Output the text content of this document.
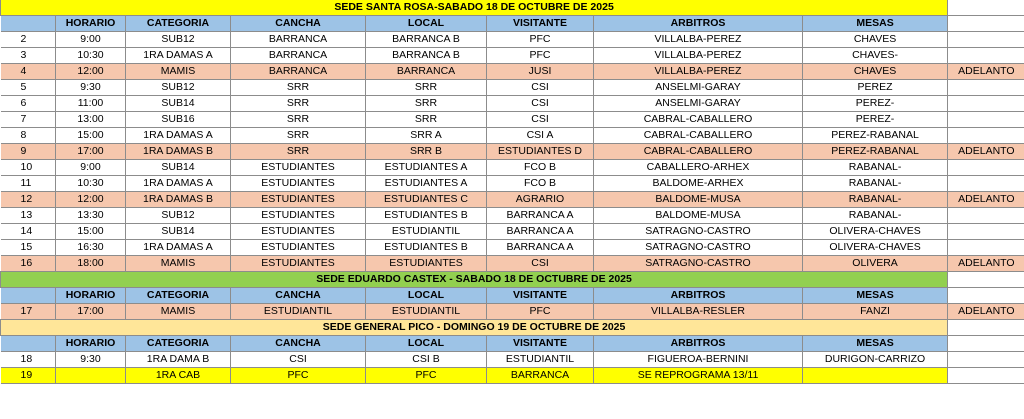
SEDE SANTA ROSA-SABADO 18 DE OCTUBRE DE 2025								
	HORARIO	CATEGORIA	CANCHA	LOCAL	VISITANTE	ARBITROS	MESAS	
2	9:00	SUB12	BARRANCA	BARRANCA B	PFC	VILLALBA-PEREZ	CHAVES	
3	10:30	1RA DAMAS A	BARRANCA	BARRANCA B	PFC	VILLALBA-PEREZ	CHAVES-	
4	12:00	MAMIS	BARRANCA	BARRANCA	JUSI	VILLALBA-PEREZ	CHAVES	ADELANTO
5	9:30	SUB12	SRR	SRR	CSI	ANSELMI-GARAY	PEREZ	
6	11:00	SUB14	SRR	SRR	CSI	ANSELMI-GARAY	PEREZ-	
7	13:00	SUB16	SRR	SRR	CSI	CABRAL-CABALLERO	PEREZ-	
8	15:00	1RA DAMAS A	SRR	SRR A	CSI A	CABRAL-CABALLERO	PEREZ-RABANAL	
9	17:00	1RA DAMAS B	SRR	SRR B	ESTUDIANTES D	CABRAL-CABALLERO	PEREZ-RABANAL	ADELANTO
10	9:00	SUB14	ESTUDIANTES	ESTUDIANTES A	FCO B	CABALLERO-ARHEX	RABANAL-	
11	10:30	1RA DAMAS A	ESTUDIANTES	ESTUDIANTES A	FCO B	BALDOME-ARHEX	RABANAL-	
12	12:00	1RA DAMAS B	ESTUDIANTES	ESTUDIANTES C	AGRARIO	BALDOME-MUSA	RABANAL-	ADELANTO
13	13:30	SUB12	ESTUDIANTES	ESTUDIANTES B	BARRANCA A	BALDOME-MUSA	RABANAL-	
14	15:00	SUB14	ESTUDIANTES	ESTUDIANTIL	BARRANCA A	SATRAGNO-CASTRO	OLIVERA-CHAVES	
15	16:30	1RA DAMAS A	ESTUDIANTES	ESTUDIANTES B	BARRANCA A	SATRAGNO-CASTRO	OLIVERA-CHAVES	
16	18:00	MAMIS	ESTUDIANTES	ESTUDIANTES	CSI	SATRAGNO-CASTRO	OLIVERA	ADELANTO
SEDE EDUARDO CASTEX - SABADO 18 DE OCTUBRE DE 2025								
	HORARIO	CATEGORIA	CANCHA	LOCAL	VISITANTE	ARBITROS	MESAS	
17	17:00	MAMIS	ESTUDIANTIL	ESTUDIANTIL	PFC	VILLALBA-RESLER	FANZI	ADELANTO
SEDE GENERAL PICO - DOMINGO 19 DE OCTUBRE DE 2025								
	HORARIO	CATEGORIA	CANCHA	LOCAL	VISITANTE	ARBITROS	MESAS	
18	9:30	1RA DAMA B	CSI	CSI B	ESTUDIANTIL	FIGUEROA-BERNINI	DURIGON-CARRIZO	
19		1RA CAB	PFC	PFC	BARRANCA	SE REPROGRAMA 13/11		
